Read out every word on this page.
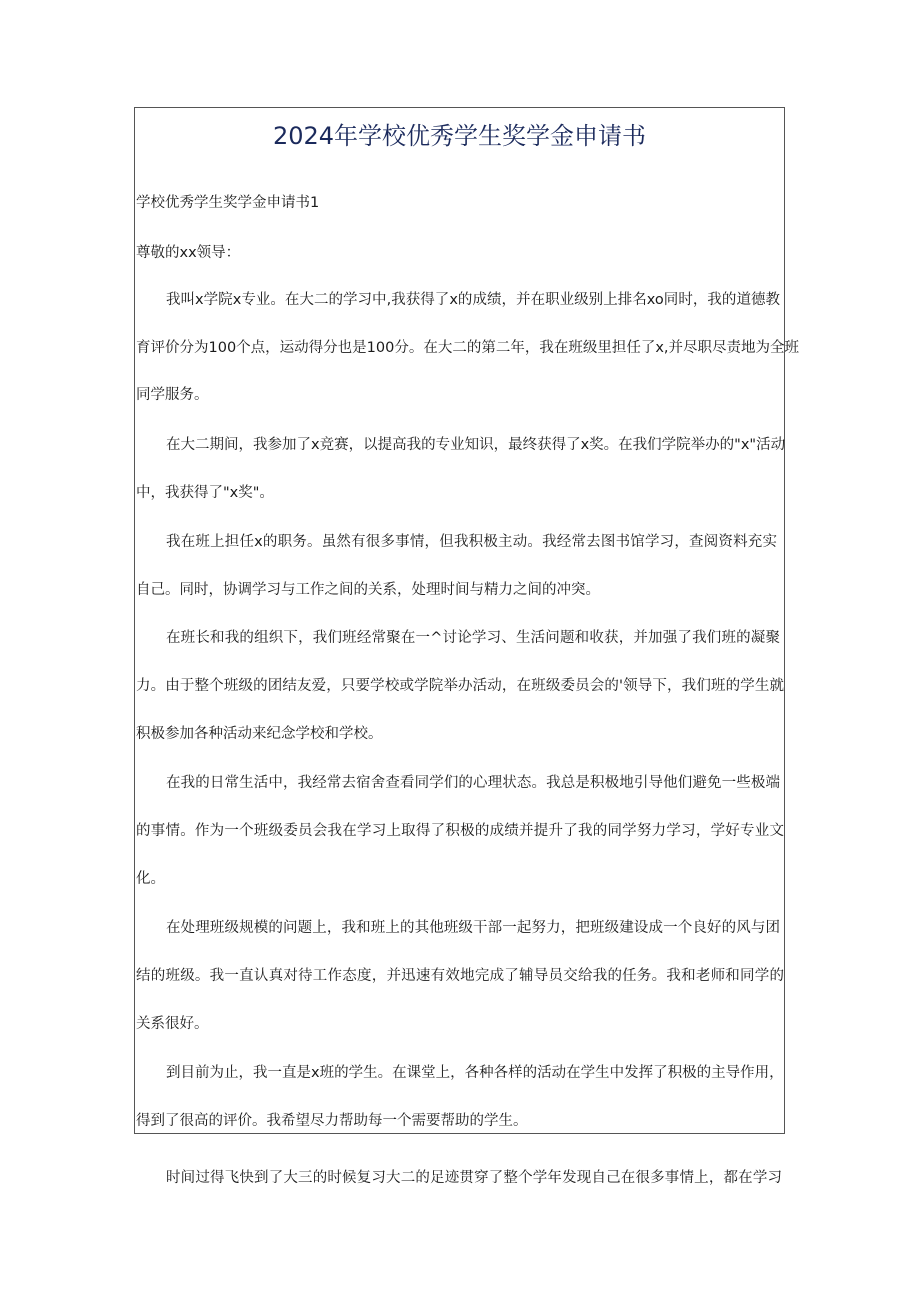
2024年学校优秀学生奖学金申请书

学校优秀学生奖学金申请书1

尊敬的xx领导：

我叫x学院x专业。在大二的学习中,我获得了x的成绩，并在职业级别上排名xo同时，我的道德教

育评价分为100个点，运动得分也是100分。在大二的第二年，我在班级里担任了x,并尽职尽责地为全班

同学服务。

在大二期间，我参加了x竞赛，以提高我的专业知识，最终获得了x奖。在我们学院举办的"x"活动

中，我获得了"x奖"。

我在班上担任x的职务。虽然有很多事情，但我积极主动。我经常去图书馆学习，查阅资料充实

自己。同时，协调学习与工作之间的关系，处理时间与精力之间的冲突。

在班长和我的组织下，我们班经常聚在一^讨论学习、生活问题和收获，并加强了我们班的凝聚

力。由于整个班级的团结友爱，只要学校或学院举办活动，在班级委员会的'领导下，我们班的学生就

积极参加各种活动来纪念学校和学校。

在我的日常生活中，我经常去宿舍查看同学们的心理状态。我总是积极地引导他们避免一些极端

的事情。作为一个班级委员会我在学习上取得了积极的成绩并提升了我的同学努力学习，学好专业文

化。

在处理班级规模的问题上，我和班上的其他班级干部一起努力，把班级建设成一个良好的风与团

结的班级。我一直认真对待工作态度，并迅速有效地完成了辅导员交给我的任务。我和老师和同学的

关系很好。

到目前为止，我一直是x班的学生。在课堂上，各种各样的活动在学生中发挥了积极的主导作用，

得到了很高的评价。我希望尽力帮助每一个需要帮助的学生。

时间过得飞快到了大三的时候复习大二的足迹贯穿了整个学年发现自己在很多事情上，都在学习
